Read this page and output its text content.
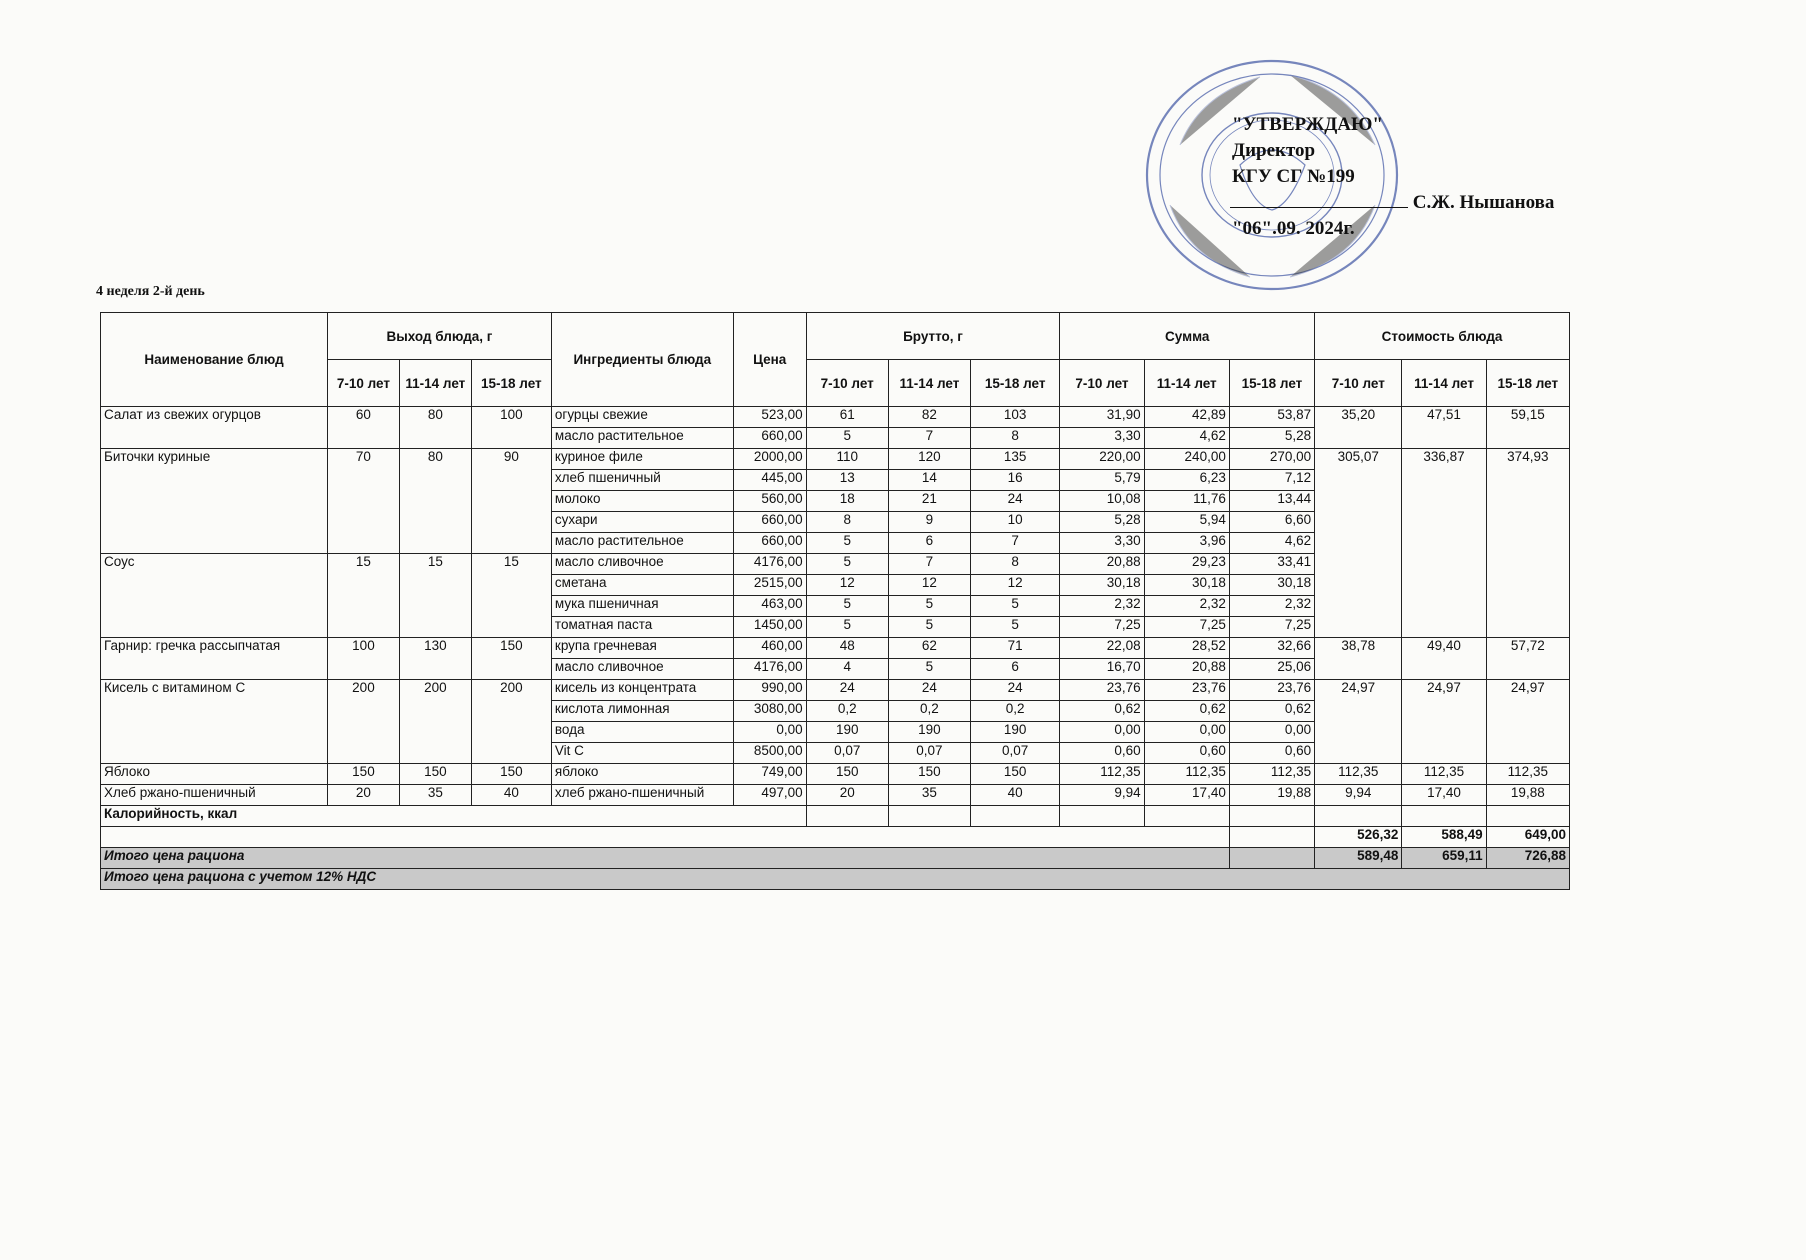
"УТВЕРЖДАЮ"
Директор
КГУ СГ №199
С.Ж. Нышанова
"06".09. 2024г.
4 неделя 2-й день
Наименование блюд	Выход блюда, г			Ингредиенты блюда	Цена	Брутто, г			Сумма			Стоимость блюда		
	7-10 лет	11-14 лет	15-18 лет			7-10 лет	11-14 лет	15-18 лет	7-10 лет	11-14 лет	15-18 лет	7-10 лет	11-14 лет	15-18 лет
Салат из свежих огурцов	60	80	100	огурцы свежие	523,00	61	82	103	31,90	42,89	53,87	35,20	47,51	59,15
				масло растительное	660,00	5	7	8	3,30	4,62	5,28			
Биточки куриные	70	80	90	куриное филе	2000,00	110	120	135	220,00	240,00	270,00	305,07	336,87	374,93
				хлеб пшеничный	445,00	13	14	16	5,79	6,23	7,12			
				молоко	560,00	18	21	24	10,08	11,76	13,44			
				сухари	660,00	8	9	10	5,28	5,94	6,60			
				масло растительное	660,00	5	6	7	3,30	3,96	4,62			
Соус	15	15	15	масло сливочное	4176,00	5	7	8	20,88	29,23	33,41			
				сметана	2515,00	12	12	12	30,18	30,18	30,18			
				мука пшеничная	463,00	5	5	5	2,32	2,32	2,32			
				томатная паста	1450,00	5	5	5	7,25	7,25	7,25			
Гарнир: гречка рассыпчатая	100	130	150	крупа гречневая	460,00	48	62	71	22,08	28,52	32,66	38,78	49,40	57,72
				масло сливочное	4176,00	4	5	6	16,70	20,88	25,06			
Кисель с витамином С	200	200	200	кисель из концентрата	990,00	24	24	24	23,76	23,76	23,76	24,97	24,97	24,97
				кислота лимонная	3080,00	0,2	0,2	0,2	0,62	0,62	0,62			
				вода	0,00	190	190	190	0,00	0,00	0,00			
				Vit C	8500,00	0,07	0,07	0,07	0,60	0,60	0,60			
Яблоко	150	150	150	яблоко	749,00	150	150	150	112,35	112,35	112,35	112,35	112,35	112,35
Хлеб ржано-пшеничный	20	35	40	хлеб ржано-пшеничный	497,00	20	35	40	9,94	17,40	19,88	9,94	17,40	19,88
Калорийность, ккал														
												526,32	588,49	649,00
Итого цена рациона												589,48	659,11	726,88
Итого цена рациона с учетом 12% НДС														
